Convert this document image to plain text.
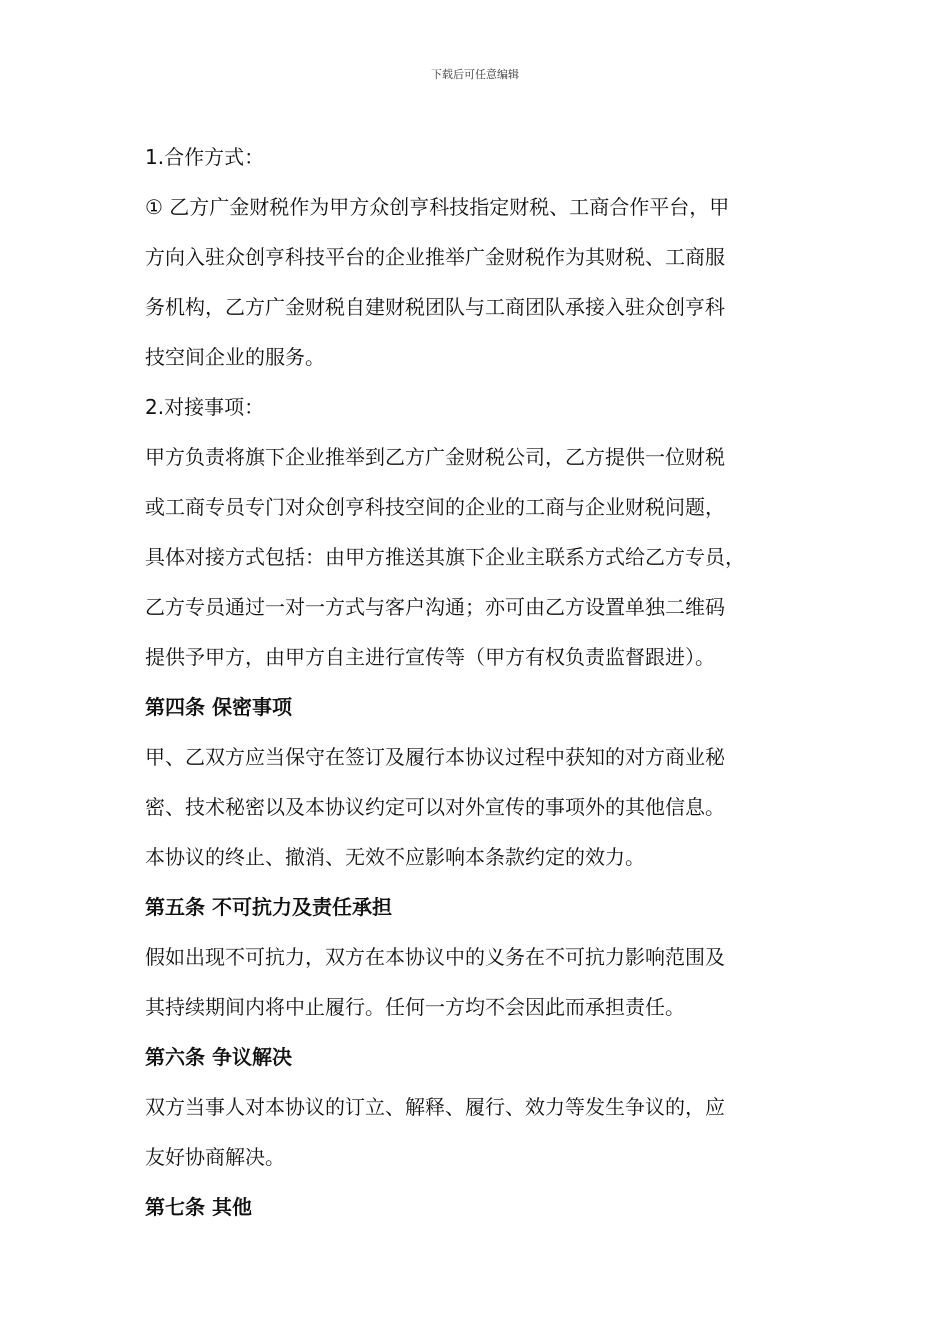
下载后可任意编辑
1.合作方式：
① 乙方广金财税作为甲方众创亨科技指定财税、工商合作平台，甲
方向入驻众创亨科技平台的企业推举广金财税作为其财税、工商服
务机构，乙方广金财税自建财税团队与工商团队承接入驻众创亨科
技空间企业的服务。
2.对接事项：
甲方负责将旗下企业推举到乙方广金财税公司，乙方提供一位财税
或工商专员专门对众创亨科技空间的企业的工商与企业财税问题，
具体对接方式包括：由甲方推送其旗下企业主联系方式给乙方专员，
乙方专员通过一对一方式与客户沟通；亦可由乙方设置单独二维码
提供予甲方，由甲方自主进行宣传等（甲方有权负责监督跟进）。
第四条 保密事项
甲、乙双方应当保守在签订及履行本协议过程中获知的对方商业秘
密、技术秘密以及本协议约定可以对外宣传的事项外的其他信息。
本协议的终止、撤消、无效不应影响本条款约定的效力。
第五条 不可抗力及责任承担
假如出现不可抗力，双方在本协议中的义务在不可抗力影响范围及
其持续期间内将中止履行。任何一方均不会因此而承担责任。
第六条 争议解决
双方当事人对本协议的订立、解释、履行、效力等发生争议的，应
友好协商解决。
第七条 其他
